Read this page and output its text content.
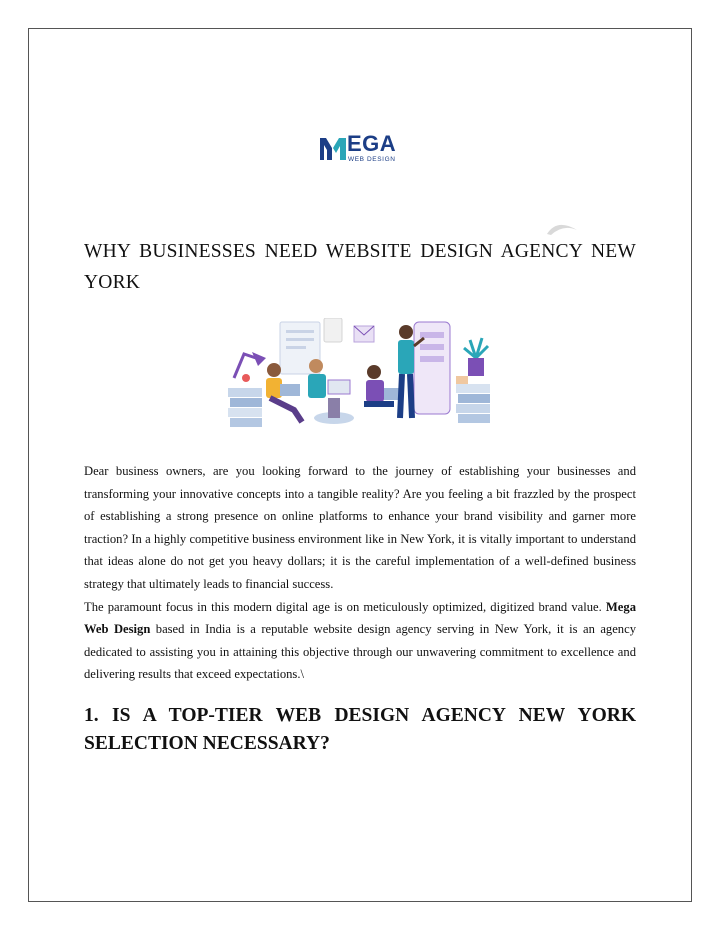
EGA
WEB DESIGN
WHY BUSINESSES NEED WEBSITE DESIGN AGENCY NEW YORK

Dear business owners, are you looking forward to the journey of establishing your businesses and transforming your innovative concepts into a tangible reality? Are you feeling a bit frazzled by the prospect of establishing a strong presence on online platforms to enhance your brand visibility and garner more traction? In a highly competitive business environment like in New York, it is vitally important to understand that ideas alone do not get you heavy dollars; it is the careful implementation of a well-defined business strategy that ultimately leads to financial success.

The paramount focus in this modern digital age is on meticulously optimized, digitized brand value. Mega Web Design based in India is a reputable website design agency serving in New York, it is an agency dedicated to assisting you in attaining this objective through our unwavering commitment to excellence and delivering results that exceed expectations.\

1. IS A TOP-TIER WEB DESIGN AGENCY NEW YORK SELECTION NECESSARY?
